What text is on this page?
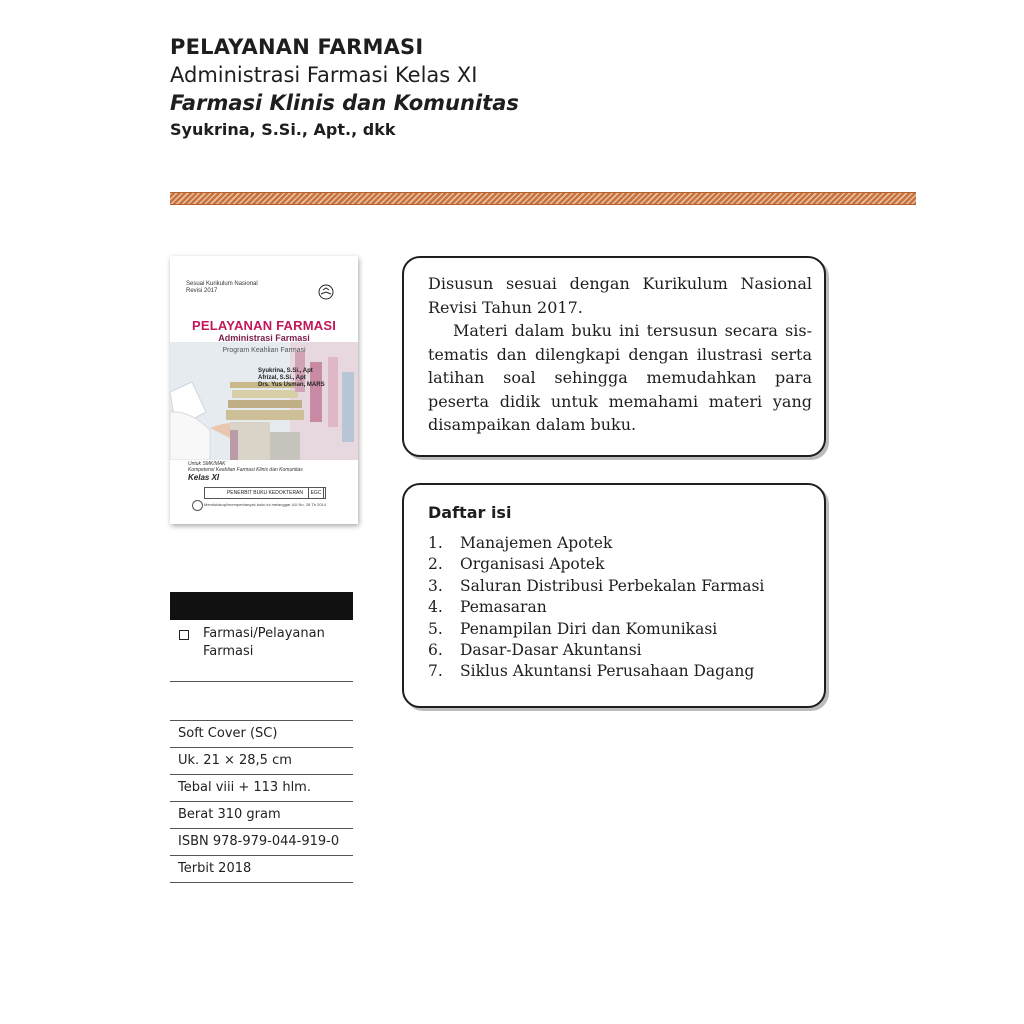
PELAYANAN FARMASI
Administrasi Farmasi Kelas XI
Farmasi Klinis dan Komunitas
Syukrina, S.Si., Apt., dkk
Sesuai Kurikulum Nasional
Revisi 2017
PELAYANAN FARMASI
Administrasi Farmasi
Program Keahlian Farmasi
Syukrina, S.Si., Apt
Afrizal, S.Si., Apt
Drs. Yus Usman, MARS
Untuk SMK/MAK
Kompetensi Keahlian Farmasi Klinis dan Komunitas
Kelas XI
PENERBIT BUKU KEDOKTERAN	EGC
Memfotokopi/memperbanyak buku ini melanggar UU No. 28 Th 2014
Farmasi/Pelayanan Farmasi
Soft Cover (SC)
Uk. 21 × 28,5 cm
Tebal viii + 113 hlm.
Berat 310 gram
ISBN 978-979-044-919-0
Terbit 2018

Disusun sesuai dengan Kurikulum Nasional Revisi Tahun 2017.

Materi dalam buku ini tersusun secara sistematis dan dilengkapi dengan ilustrasi serta latihan soal sehingga memudahkan para peserta didik untuk memahami materi yang disampaikan dalam buku.

Daftar isi
1. Manajemen Apotek
2. Organisasi Apotek
3. Saluran Distribusi Perbekalan Farmasi
4. Pemasaran
5. Penampilan Diri dan Komunikasi
6. Dasar-Dasar Akuntansi
7. Siklus Akuntansi Perusahaan Dagang
